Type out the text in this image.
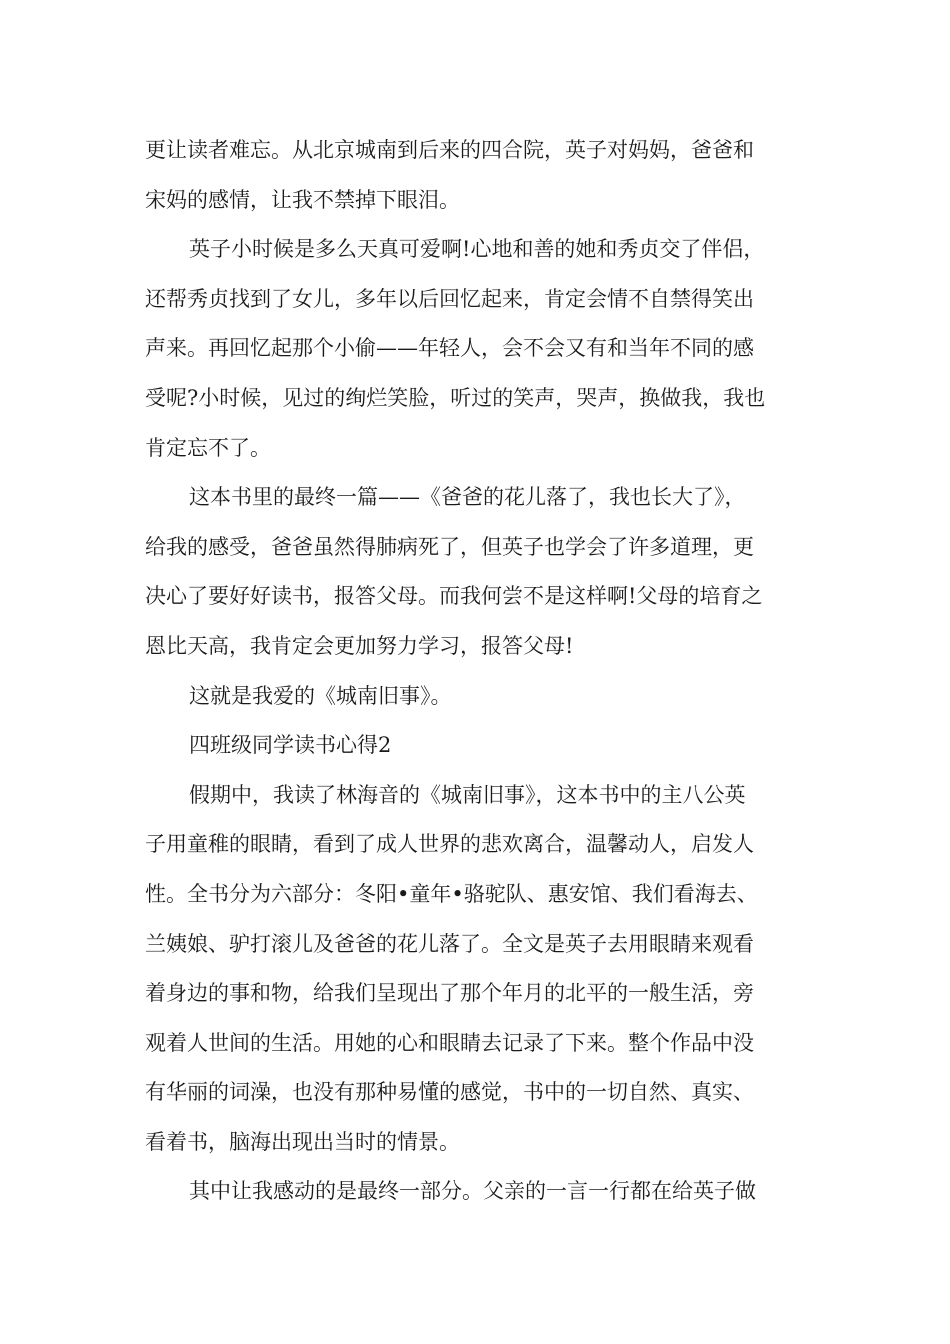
更让读者难忘。从北京城南到后来的四合院，英子对妈妈，爸爸和
宋妈的感情，让我不禁掉下眼泪。
英子小时候是多么天真可爱啊!心地和善的她和秀贞交了伴侣，
还帮秀贞找到了女儿，多年以后回忆起来，肯定会情不自禁得笑出
声来。再回忆起那个小偷——年轻人，会不会又有和当年不同的感
受呢?小时候，见过的绚烂笑脸，听过的笑声，哭声，换做我，我也
肯定忘不了。
这本书里的最终一篇——《爸爸的花儿落了，我也长大了》，
给我的感受，爸爸虽然得肺病死了，但英子也学会了许多道理，更
决心了要好好读书，报答父母。而我何尝不是这样啊!父母的培育之
恩比天高，我肯定会更加努力学习，报答父母!
这就是我爱的《城南旧事》。
四班级同学读书心得2
假期中，我读了林海音的《城南旧事》，这本书中的主八公英
子用童稚的眼睛，看到了成人世界的悲欢离合，温馨动人，启发人
性。全书分为六部分：冬阳•童年•骆驼队、惠安馆、我们看海去、
兰姨娘、驴打滚儿及爸爸的花儿落了。全文是英子去用眼睛来观看
着身边的事和物，给我们呈现出了那个年月的北平的一般生活，旁
观着人世间的生活。用她的心和眼睛去记录了下来。整个作品中没
有华丽的词澡，也没有那种易懂的感觉，书中的一切自然、真实、
看着书，脑海出现出当时的情景。
其中让我感动的是最终一部分。父亲的一言一行都在给英子做
